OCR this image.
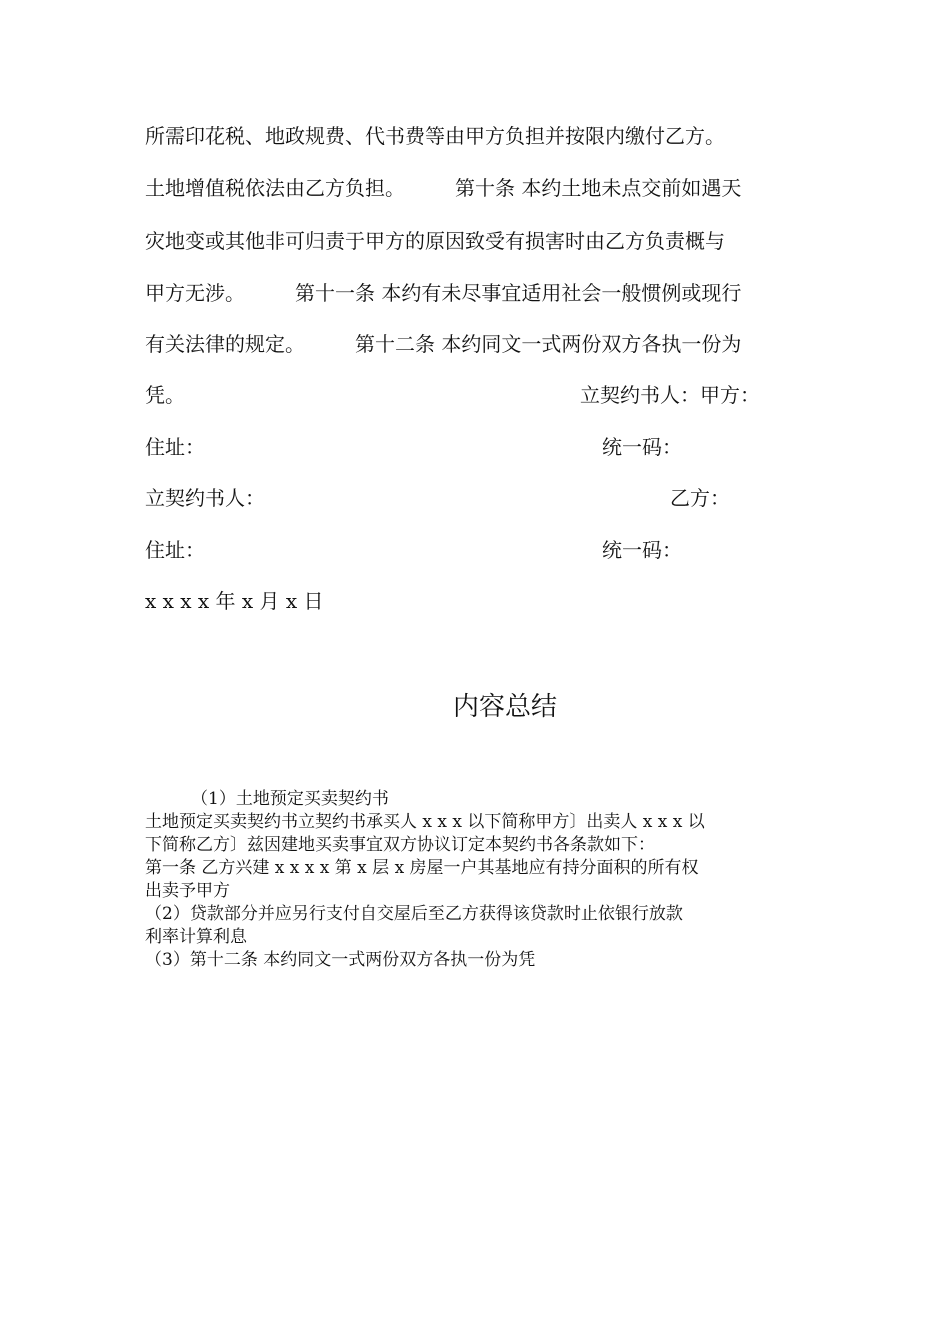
所需印花税、地政规费、代书费等由甲方负担并按限内缴付乙方。
土地增值税依法由乙方负担。　　　第十条 本约土地未点交前如遇天
灾地变或其他非可归责于甲方的原因致受有损害时由乙方负责概与
甲方无涉。　　　第十一条 本约有未尽事宜适用社会一般惯例或现行
有关法律的规定。　　　第十二条 本约同文一式两份双方各执一份为
凭。	立契约书人：甲方：
住址：	统一码：
立契约书人：	乙方：
住址：	统一码：
x x x x 年 x 月 x 日
内容总结
（1）土地预定买卖契约书
土地预定买卖契约书立契约书承买人 x x x 以下简称甲方〕出卖人 x x x 以
下简称乙方〕兹因建地买卖事宜双方协议订定本契约书各条款如下：
第一条 乙方兴建 x x x x 第 x 层 x 房屋一户其基地应有持分面积的所有权
出卖予甲方
（2）贷款部分并应另行支付自交屋后至乙方获得该贷款时止依银行放款
利率计算利息
（3）第十二条 本约同文一式两份双方各执一份为凭
